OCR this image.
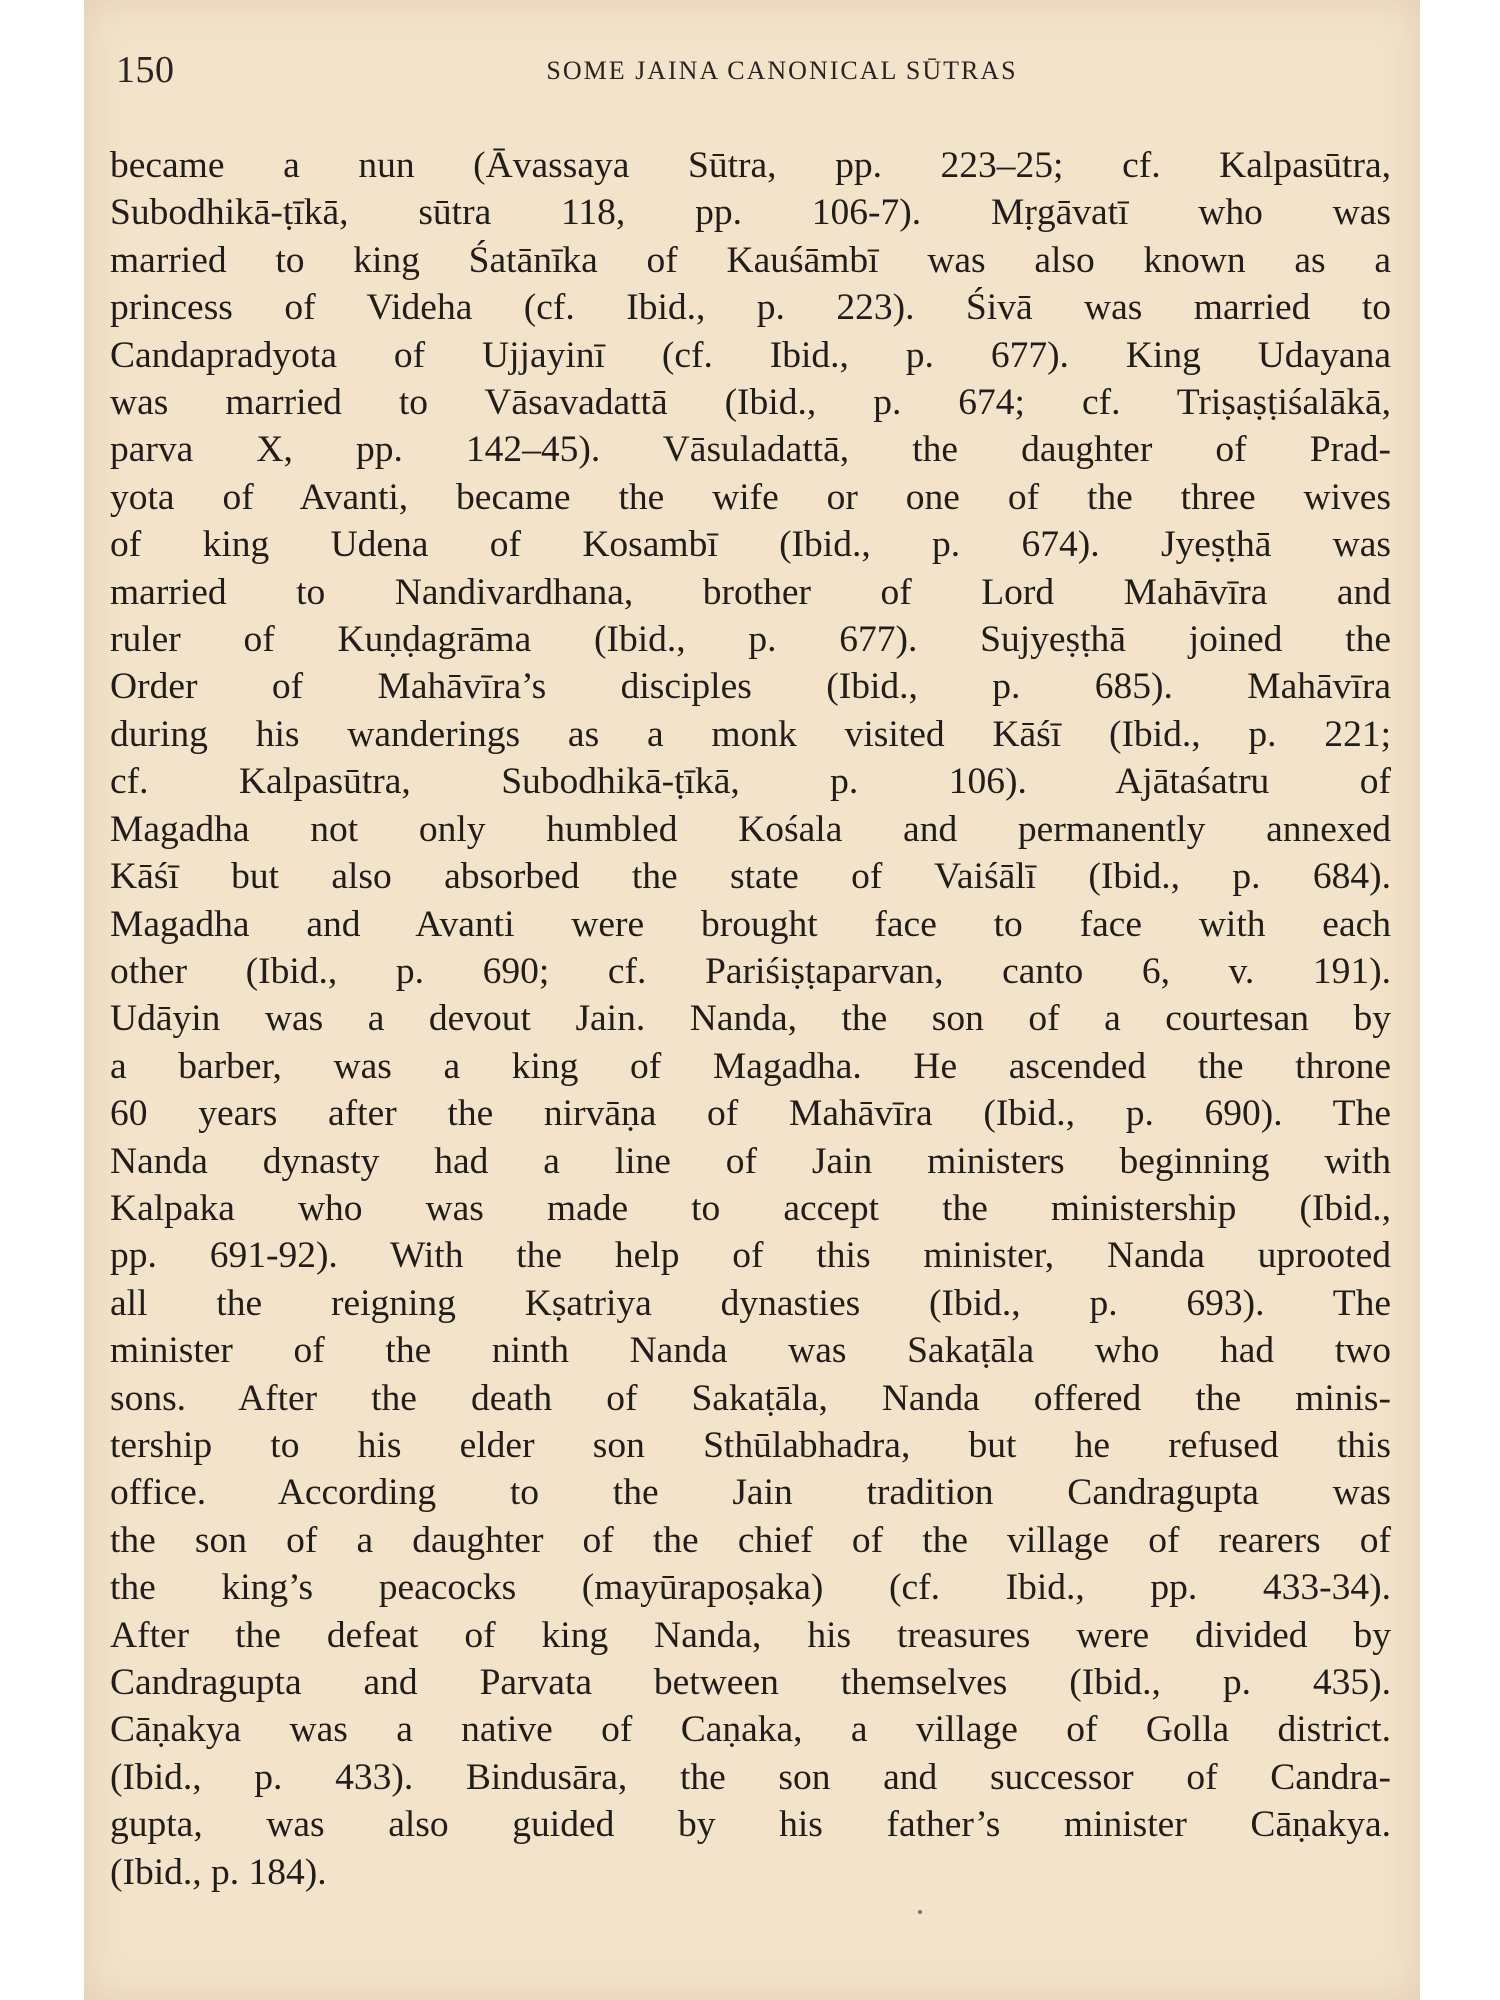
150	SOME JAINA CANONICAL SŪTRAS
became a nun (Āvassaya Sūtra, pp. 223–25; cf. Kalpasūtra,
Subodhikā-ṭīkā, sūtra 118, pp. 106-7). Mṛgāvatī who was
married to king Śatānīka of Kauśāmbī was also known as a
princess of Videha (cf. Ibid., p. 223). Śivā was married to
Candapradyota of Ujjayinī (cf. Ibid., p. 677). King Udayana
was married to Vāsavadattā (Ibid., p. 674; cf. Triṣaṣṭiśalākā,
parva X, pp. 142–45). Vāsuladattā, the daughter of Prad-
yota of Avanti, became the wife or one of the three wives
of king Udena of Kosambī (Ibid., p. 674). Jyeṣṭhā was
married to Nandivardhana, brother of Lord Mahāvīra and
ruler of Kuṇḍagrāma (Ibid., p. 677). Sujyeṣṭhā joined the
Order of Mahāvīra’s disciples (Ibid., p. 685). Mahāvīra
during his wanderings as a monk visited Kāśī (Ibid., p. 221;
cf. Kalpasūtra, Subodhikā-ṭīkā, p. 106). Ajātaśatru of
Magadha not only humbled Kośala and permanently annexed
Kāśī but also absorbed the state of Vaiśālī (Ibid., p. 684).
Magadha and Avanti were brought face to face with each
other (Ibid., p. 690; cf. Pariśiṣṭaparvan, canto 6, v. 191).
Udāyin was a devout Jain. Nanda, the son of a courtesan by
a barber, was a king of Magadha. He ascended the throne
60 years after the nirvāṇa of Mahāvīra (Ibid., p. 690). The
Nanda dynasty had a line of Jain ministers beginning with
Kalpaka who was made to accept the ministership (Ibid.,
pp. 691-92). With the help of this minister, Nanda uprooted
all the reigning Kṣatriya dynasties (Ibid., p. 693). The
minister of the ninth Nanda was Sakaṭāla who had two
sons. After the death of Sakaṭāla, Nanda offered the minis-
tership to his elder son Sthūlabhadra, but he refused this
office. According to the Jain tradition Candragupta was
the son of a daughter of the chief of the village of rearers of
the king’s peacocks (mayūrapoṣaka) (cf. Ibid., pp. 433-34).
After the defeat of king Nanda, his treasures were divided by
Candragupta and Parvata between themselves (Ibid., p. 435).
Cāṇakya was a native of Caṇaka, a village of Golla district.
(Ibid., p. 433). Bindusāra, the son and successor of Candra-
gupta, was also guided by his father’s minister Cāṇakya.
(Ibid., p. 184).
